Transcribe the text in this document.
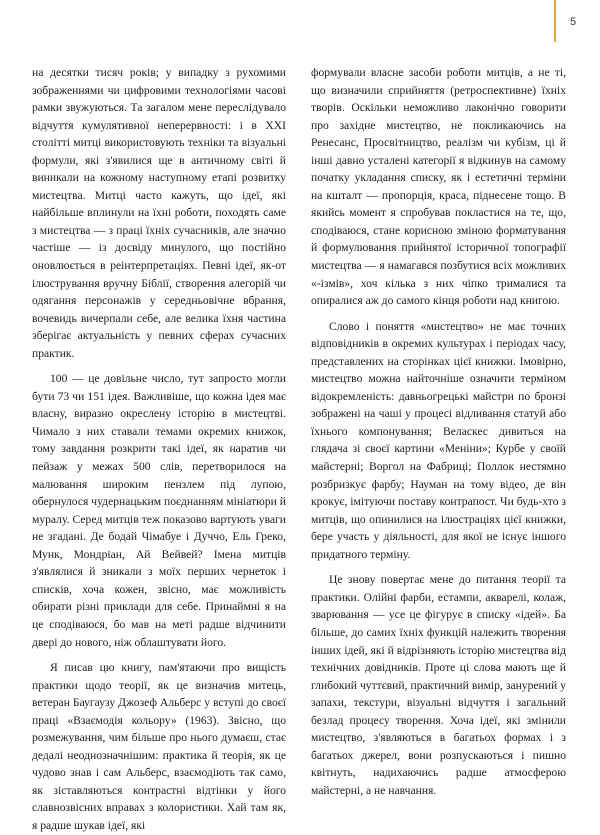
5

на десятки тисяч років; у випадку з рухомими зображеннями чи цифровими технологіями часові рамки звужуються. Та загалом мене переслідувало відчуття кумулятивної неперервності: і в XXI столітті митці використовують техніки та візуальні формули, які з'явилися ще в античному світі й виникали на кожному наступному етапі розвитку мистецтва. Митці часто кажуть, що ідеї, які найбільше вплинули на їхні роботи, походять саме з мистецтва — з праці їхніх сучасників, але значно частіше — із досвіду минулого, що постійно оновлюється в реінтерпретаціях. Певні ідеї, як-от ілюстрування вручну Біблії, створення алегорій чи одягання персонажів у середньовічне вбрання, вочевидь вичерпали себе, але велика їхня частина зберігає актуальність у певних сферах сучасних практик.

100 — це довільне число, тут запросто могли бути 73 чи 151 ідея. Важливіше, що кожна ідея має власну, виразно окреслену історію в мистецтві. Чимало з них ставали темами окремих книжок, тому завдання розкрити такі ідеї, як наратив чи пейзаж у межах 500 слів, перетворилося на малювання широким пензлем під лупою, обернулося чудернацьким поєднанням мініатюри й муралу. Серед митців теж показово вартують уваги не згадані. Де бодай Чімабуе і Дуччо, Ель Греко, Мунк, Мондріан, Ай Вейвей? Імена митців з'являлися й зникали з моїх перших чернеток і списків, хоча кожен, звісно, має можливість обирати різні приклади для себе. Принаймні я на це сподіваюся, бо мав на меті радше відчинити двері до нового, ніж облаштувати його.

Я писав цю книгу, пам'ятаючи про вищість практики щодо теорії, як це визначив митець, ветеран Баугаузу Джозеф Альберс у вступі до своєї праці «Взаємодія кольору» (1963). Звісно, що розмежування, чим більше про нього думаєш, стає дедалі неоднозначнішим: практика й теорія, як це чудово знав і сам Альберс, взаємодіють так само, як зіставляються контрастні відтінки у його славнозвісних вправах з колористики. Хай там як, я радше шукав ідеї, які

формували власне засоби роботи митців, а не ті, що визначили сприйняття (ретроспективне) їхніх творів. Оскільки неможливо лаконічно говорити про західне мистецтво, не покликаючись на Ренесанс, Просвітництво, реалізм чи кубізм, ці й інші давно усталені категорії я відкинув на самому початку укладання списку, як і естетичні терміни на кшталт — пропорція, краса, піднесене тощо. В якийсь момент я спробував покластися на те, що, сподіваюся, стане корисною зміною форматування й формулювання прийнятої історичної топографії мистецтва — я намагався позбутися всіх можливих «-ізмів», хоч кілька з них чіпко трималися та опиралися аж до самого кінця роботи над книгою.

Слово і поняття «мистецтво» не має точних відповідників в окремих культурах і періодах часу, представлених на сторінках цієї книжки. Імовірно, мистецтво можна найточніше означити терміном відокремленість: давньогрецькі майстри по бронзі зображені на чаші у процесі відливання статуй або їхнього компонування; Веласкес дивиться на глядача зі своєї картини «Меніни»; Курбе у своїй майстерні; Воргол на Фабриці; Поллок нестямно розбризкує фарбу; Науман на тому відео, де він крокує, імітуючи поставу контрапост. Чи будь-хто з митців, що опинилися на ілюстраціях цієї книжки, бере участь у діяльності, для якої не існує іншого придатного терміну.

Це знову повертає мене до питання теорії та практики. Олійні фарби, естампи, акварелі, колаж, зварювання — усе це фігурує в списку «ідей». Ба більше, до самих їхніх функцій належить творення інших ідей, які й відрізняють історію мистецтва від технічних довідників. Проте ці слова мають ще й глибокий чуттєвий, практичний вимір, занурений у запахи, текстури, візуальні відчуття і загальний безлад процесу творення. Хоча ідеї, які змінили мистецтво, з'являються в багатьох формах і з багатьох джерел, вони розпускаються і пишно квітнуть, надихаючись радше атмосферою майстерні, а не навчання.
